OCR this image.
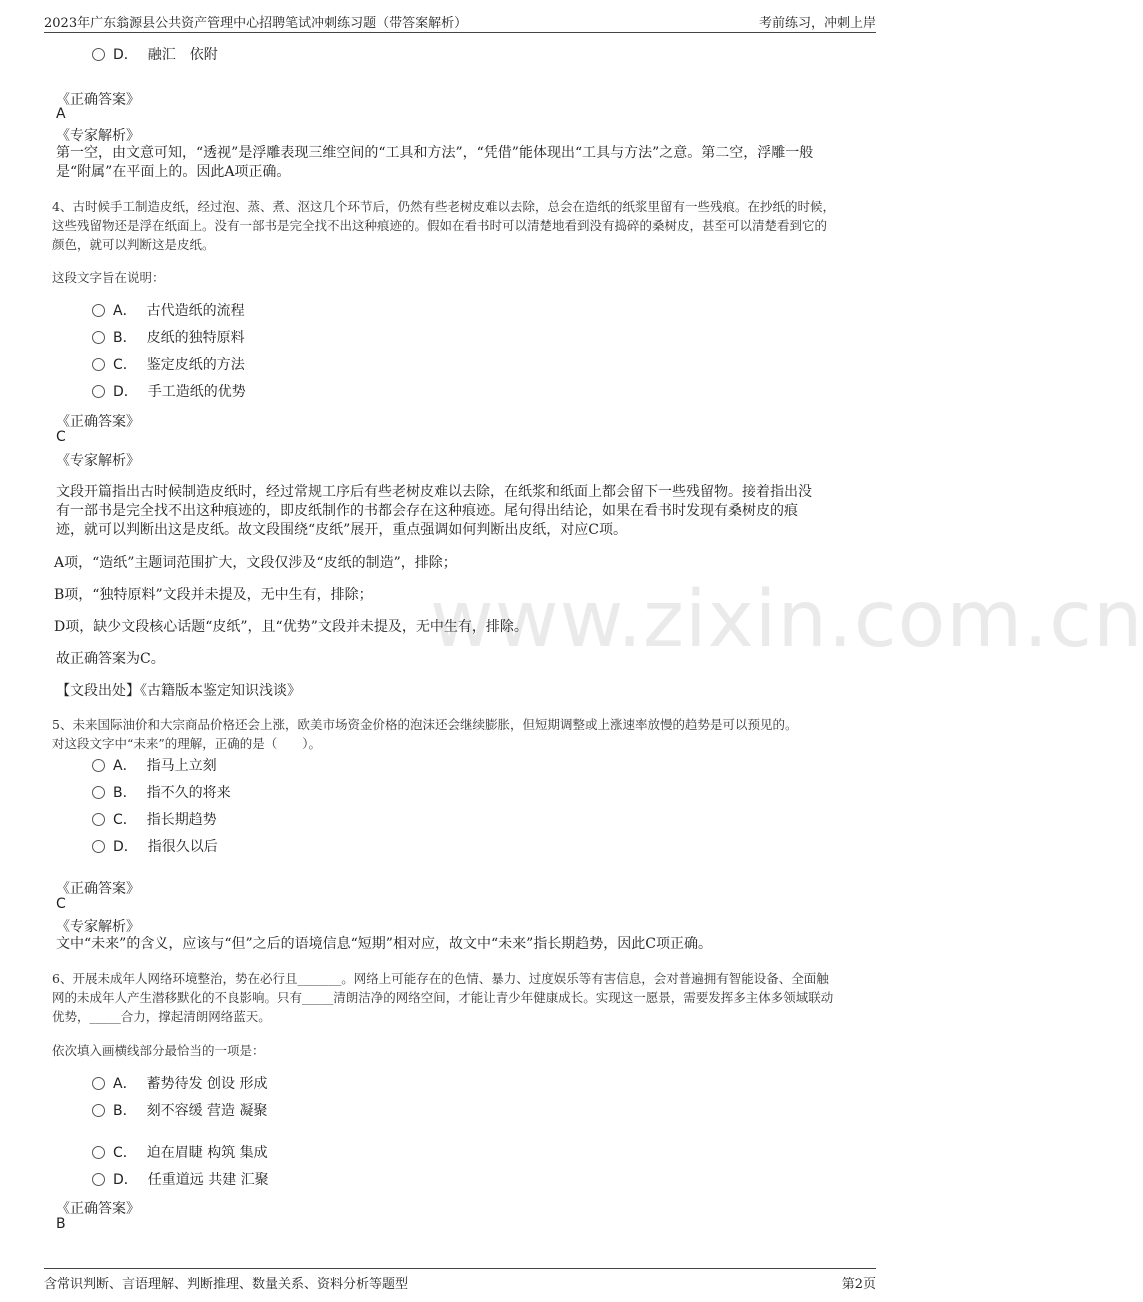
2023年广东翁源县公共资产管理中心招聘笔试冲刺练习题（带答案解析）	考前练习，冲刺上岸
www.zixin.com.cn
D． 融汇　依附
《正确答案》
A
《专家解析》
第一空，由文意可知，“透视”是浮雕表现三维空间的“工具和方法”，“凭借”能体现出“工具与方法”之意。第二空，浮雕一般
是“附属”在平面上的。因此A项正确。
4、古时候手工制造皮纸，经过泡、蒸、煮、沤这几个环节后，仍然有些老树皮难以去除，总会在造纸的纸浆里留有一些残痕。在抄纸的时候，
这些残留物还是浮在纸面上。没有一部书是完全找不出这种痕迹的。假如在看书时可以清楚地看到没有捣碎的桑树皮，甚至可以清楚看到它的
颜色，就可以判断这是皮纸。
这段文字旨在说明：
A． 古代造纸的流程
B． 皮纸的独特原料
C． 鉴定皮纸的方法
D． 手工造纸的优势
《正确答案》
C
《专家解析》
文段开篇指出古时候制造皮纸时，经过常规工序后有些老树皮难以去除，在纸浆和纸面上都会留下一些残留物。接着指出没
有一部书是完全找不出这种痕迹的，即皮纸制作的书都会存在这种痕迹。尾句得出结论，如果在看书时发现有桑树皮的痕
迹，就可以判断出这是皮纸。故文段围绕“皮纸”展开，重点强调如何判断出皮纸，对应C项。
A项，“造纸”主题词范围扩大，文段仅涉及“皮纸的制造”，排除；
B项，“独特原料”文段并未提及，无中生有，排除；
D项，缺少文段核心话题“皮纸”，且“优势”文段并未提及，无中生有，排除。
故正确答案为C。
【文段出处】《古籍版本鉴定知识浅谈》
5、未来国际油价和大宗商品价格还会上涨，欧美市场资金价格的泡沫还会继续膨胀，但短期调整或上涨速率放慢的趋势是可以预见的。
对这段文字中“未来”的理解，正确的是（　　）。
A． 指马上立刻
B． 指不久的将来
C． 指长期趋势
D． 指很久以后
《正确答案》
C
《专家解析》
文中“未来”的含义，应该与“但”之后的语境信息“短期”相对应，故文中“未来”指长期趋势，因此C项正确。
6、开展未成年人网络环境整治，势在必行且_______。网络上可能存在的色情、暴力、过度娱乐等有害信息，会对普遍拥有智能设备、全面触
网的未成年人产生潜移默化的不良影响。只有_____清朗洁净的网络空间，才能让青少年健康成长。实现这一愿景，需要发挥多主体多领域联动
优势，_____合力，撑起清朗网络蓝天。
依次填入画横线部分最恰当的一项是：
A． 蓄势待发 创设 形成
B． 刻不容缓 营造 凝聚
C． 迫在眉睫 构筑 集成
D． 任重道远 共建 汇聚
《正确答案》
B
含常识判断、言语理解、判断推理、数量关系、资料分析等题型	第2页
